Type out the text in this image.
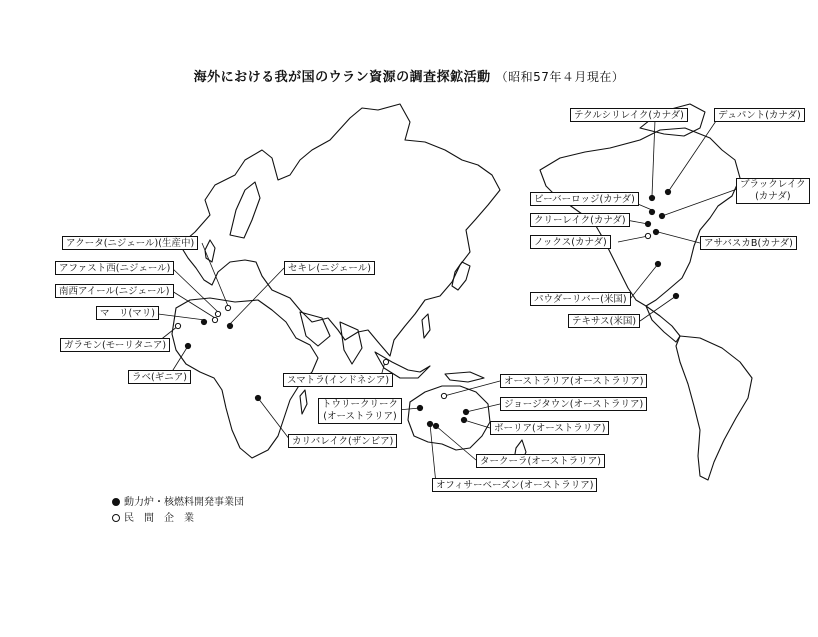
海外における我が国のウラン資源の調査探鉱活動 （昭和57年４月現在）
アクータ(ニジェール)(生産中)
アファスト西(ニジェール)
南西アイール(ニジェール)
マ　リ(マリ)
ガラモン(モーリタニア)
ラベ(ギニア)
セキレ(ニジェール)
スマトラ(インドネシア)
カリバレイク(ザンビア)
テクルシリレイク(カナダ)	デュパント(カナダ)
ビーバーロッジ(カナダ)
ブラックレイク
(カナダ)
クリーレイク(カナダ)
ノックス(カナダ)	アサバスカB(カナダ)
パウダーリバー(米国)
テキサス(米国)
オーストラリア(オーストラリア)
トウリークリーク
(オーストラリア)
ジョージタウン(オーストラリア)
ボーリア(オーストラリア)
タークーラ(オーストラリア)
オフィサーベーズン(オーストラリア)
動力炉・核燃料開発事業団
民　間　企　業
